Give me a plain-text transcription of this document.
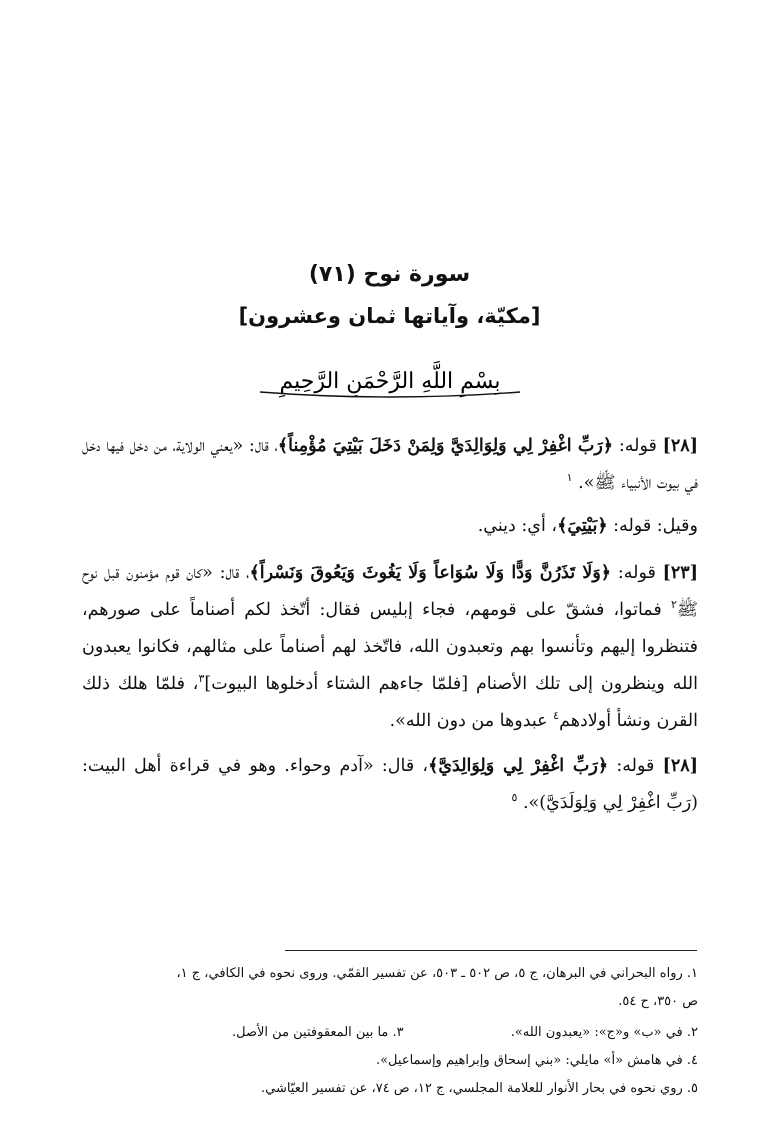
سورة نوح (٧١)
[مكيّة، وآياتها ثمان وعشرون]
بِسْمِ اللَّهِ الرَّحْمَنِ الرَّحِيمِ
[٢٨] قوله: ﴿رَبِّ اغْفِرْ لِي وَلِوَالِدَيَّ وَلِمَنْ دَخَلَ بَيْتِيَ مُؤْمِناً﴾، قال: «يعني الولاية، من دخل فيها دخل في بيوت الأنبياء ﷺ». $^١$
وقيل: قوله: ﴿بَيْتِيَ﴾، أي: ديني.
[٢٣] قوله: ﴿وَلَا تَذَرُنَّ وَدًّا وَلَا سُوَاعاً وَلَا يَغُوثَ وَيَعُوقَ وَنَسْراً﴾، قال: «كان قوم مؤمنون قبل نوح ﷺ$^٢$ فماتوا، فشقّ على قومهم، فجاء إبليس فقال: أتّخذ لكم أصناماً على صورهم، فتنظروا إليهم وتأنسوا بهم وتعبدون الله، فاتّخذ لهم أصناماً على مثالهم، فكانوا يعبدون الله وينظرون إلى تلك الأصنام [فلمّا جاءهم الشتاء أدخلوها البيوت]$^٣$، فلمّا هلك ذلك القرن ونشأ أولادهم$^٤$ عبدوها من دون الله».
[٢٨] قوله: ﴿رَبِّ اغْفِرْ لِي وَلِوَالِدَيَّ﴾، قال: «آدم وحواء. وهو في قراءة أهل البيت: (رَبِّ اغْفِرْ لِي وَلِوَلَدَيَّ)». $^٥$
١. رواه البحراني في البرهان، ج ٥، ص ٥٠٢ ـ ٥٠٣، عن تفسير القمّي. وروى نحوه في الكافي، ج ١،
ص ٣٥٠، ح ٥٤.
٢. في «ب» و«ج»: «يعبدون الله».
٣. ما بين المعقوفتين من الأصل.
٤. في هامش «أ» مايلي: «بني إسحاق وإبراهيم وإسماعيل».
٥. روي نحوه في بحار الأنوار للعلامة المجلسي، ج ١٢، ص ٧٤، عن تفسير العيّاشي.
